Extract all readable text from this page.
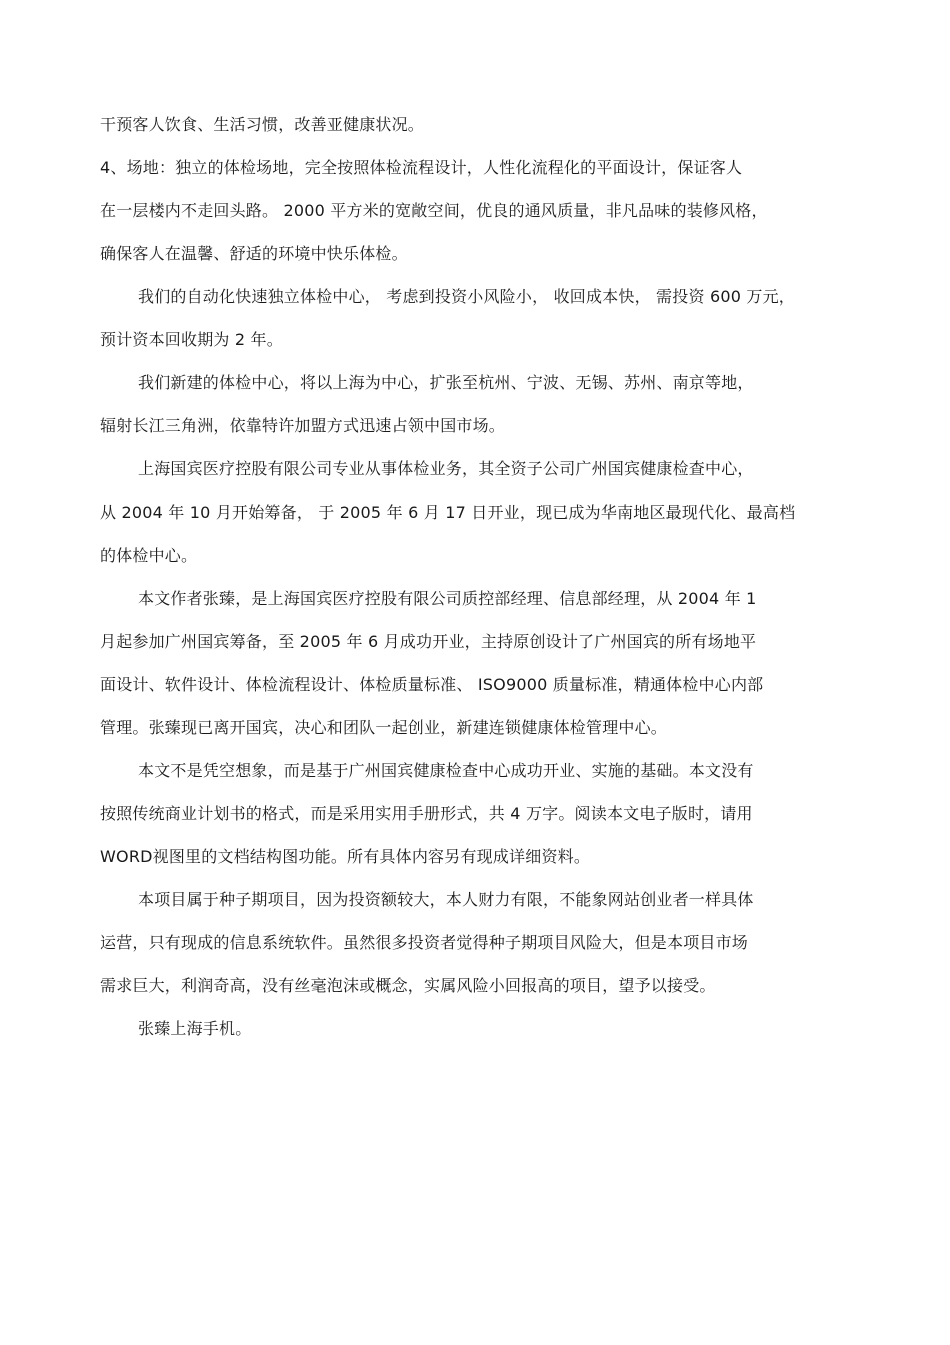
干预客人饮食、生活习惯，改善亚健康状况。
4、场地：独立的体检场地，完全按照体检流程设计，人性化流程化的平面设计，保证客人
在一层楼内不走回头路。 2000 平方米的宽敞空间，优良的通风质量，非凡品味的装修风格，
确保客人在温馨、舒适的环境中快乐体检。
我们的自动化快速独立体检中心， 考虑到投资小风险小， 收回成本快， 需投资 600 万元，
预计资本回收期为 2 年。
我们新建的体检中心，将以上海为中心，扩张至杭州、宁波、无锡、苏州、南京等地，
辐射长江三角洲，依靠特许加盟方式迅速占领中国市场。
上海国宾医疗控股有限公司专业从事体检业务，其全资子公司广州国宾健康检查中心，
从 2004 年 10 月开始筹备， 于 2005 年 6 月 17 日开业，现已成为华南地区最现代化、最高档
的体检中心。
本文作者张臻，是上海国宾医疗控股有限公司质控部经理、信息部经理，从 2004 年 1
月起参加广州国宾筹备，至 2005 年 6 月成功开业，主持原创设计了广州国宾的所有场地平
面设计、软件设计、体检流程设计、体检质量标准、 ISO9000 质量标准，精通体检中心内部
管理。张臻现已离开国宾，决心和团队一起创业，新建连锁健康体检管理中心。
本文不是凭空想象，而是基于广州国宾健康检查中心成功开业、实施的基础。本文没有
按照传统商业计划书的格式，而是采用实用手册形式，共 4 万字。阅读本文电子版时，请用
WORD视图里的文档结构图功能。所有具体内容另有现成详细资料。
本项目属于种子期项目，因为投资额较大，本人财力有限，不能象网站创业者一样具体
运营，只有现成的信息系统软件。虽然很多投资者觉得种子期项目风险大，但是本项目市场
需求巨大，利润奇高，没有丝毫泡沫或概念，实属风险小回报高的项目，望予以接受。
张臻上海手机。
